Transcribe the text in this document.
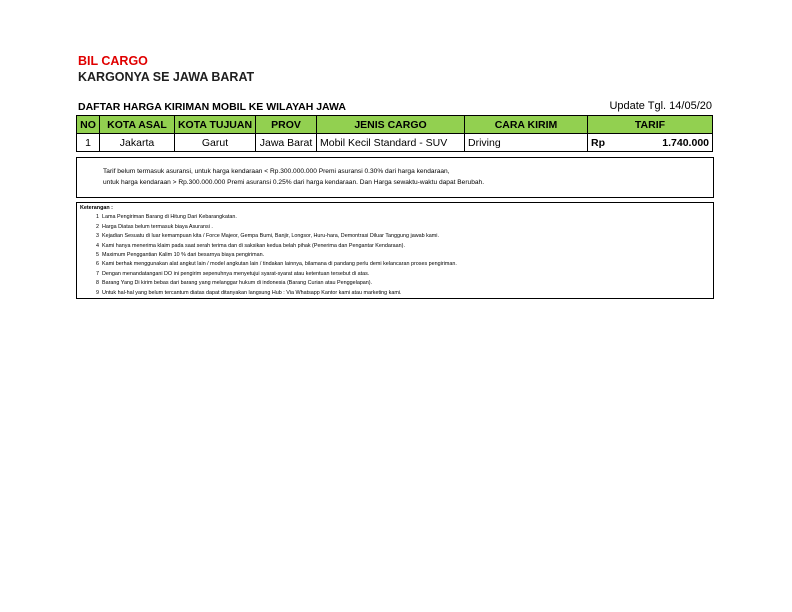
BIL CARGO
KARGONYA SE JAWA BARAT
DAFTAR HARGA KIRIMAN MOBIL KE WILAYAH JAWA	Update Tgl. 14/05/20
NO	KOTA ASAL	KOTA TUJUAN	PROV	JENIS CARGO	CARA KIRIM	TARIF
1	Jakarta	Garut	Jawa Barat	Mobil Kecil Standard - SUV	Driving	Rp 1.740.000
Tarif belum termasuk asuransi, untuk harga kendaraan < Rp.300.000.000 Premi asuransi 0.30% dari harga kendaraan,
untuk harga kendaraan > Rp.300.000.000 Premi asuransi 0.25% dari harga kendaraan. Dan Harga sewaktu-waktu dapat Berubah.
Keterangan :
1 Lama Pengiriman Barang di Hitung Dari Kebarangkatan.
2 Harga Diatas belum termasuk biaya Asuransi .
3 Kejadian Sesuatu di luar kemampuan kita / Force Majeor, Gempa Bumi, Banjir, Longsor, Huru-hara, Demontrasi Diluar Tanggung jawab kami.
4 Kami hanya menerima klaim pada saat serah terima dan di saksikan kedua belah pihak (Penerima dan Pengantar Kendaraan).
5 Maximum Penggantian Kalim 10 % dari besarnya biaya pengiriman.
6 Kami berhak menggunakan alat angkut lain / model angkutan lain / tindakan lainnya, bilamana di pandang perlu demi kelancaran proses pengiriman.
7 Dengan menandatangani DO ini pengirim sepenuhnya menyetujui syarat-syarat atau ketentuan tersebut di atas.
8 Barang Yang Di kirim bebas dari barang yang melanggar hukum di indonesia (Barang Curian atau Penggelapan).
9 Untuk hal-hal yang belum tercantum diatas dapat ditanyakan langsung Hub : Via Whatsapp Kantor kami atau marketing kami.
